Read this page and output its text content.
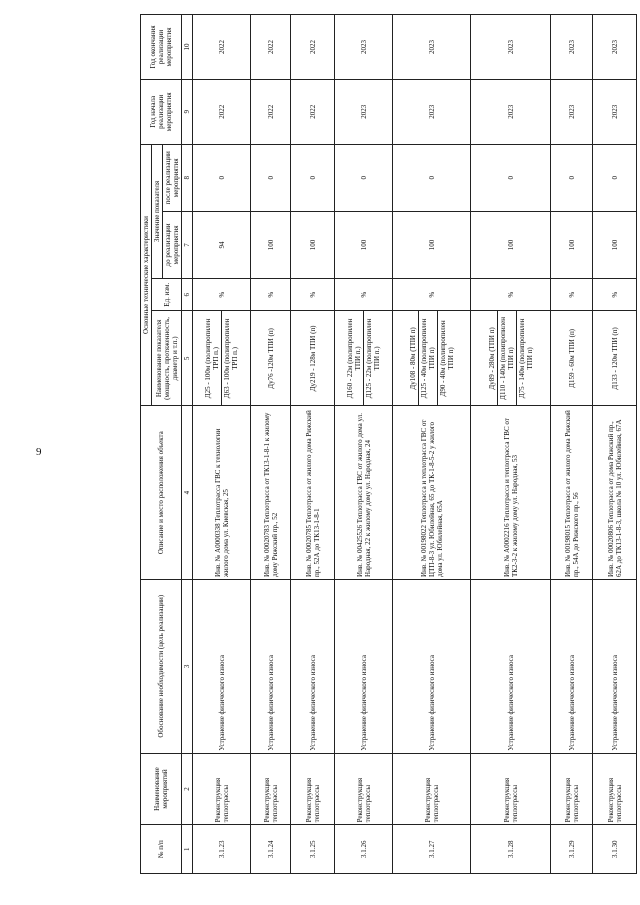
9
№ п/п	Наименование мероприятий	Обоснование необходимости (цель реализации)	Описание и место расположения объекта	Основные технические характеристики				Год начала реализации мероприятия	Год окончания реализации мероприятия
				Наименование показателя (мощность, протяженность, диаметр и т.п.)	Ед. изм.	Значение показателя			
						до реализации мероприятия	после реализации мероприятия		
1	2	3	4	5	6	7	8	9	10
3.1.23	Реконструкция теплотрассы	Устранение физического износа	Инв. № А0000338 Теплотрасса ГВС к технологии жилого дома ул. Киевская, 25	Д25 - 100м (полипропилен ТРП п.) Д63 - 100м (полипропилен ТРП п.)	%	94	0	2022	2022
3.1.24	Реконструкция теплотрассы	Устранение физического износа	Инв. № 00020783 Теплотрасса от ТК13-1-8-1 к жилому дому Рижский пр., 52	Ду76 -120м ТПИ (п)	%	100	0	2022	2022
3.1.25	Реконструкция теплотрассы	Устранение физического износа	Инв. № 00020785 Теплотрасса от жилого дома Рижский пр., 52А до ТК13-1-8-1	Ду219 - 128м ТПИ (п)	%	100	0	2022	2022
3.1.26	Реконструкция теплотрассы	Устранение физического износа	Инв. № 00425526 Теплотрасса ГВС от жилого дома ул. Народная, 22 к жилому дому ул. Народная, 24	Д160 - 22м (полипропилен ТПИ п.) Д125 - 22м (полипропилен ТПИ п.)	%	100	0	2023	2023
3.1.27	Реконструкция теплотрассы	Устранение физического износа	Инв. № 00198022 Теплотрасса и теплотрасса ГВС от ЦТП-8-3 ул. Юбилейная, 65 до ТК-1-8-5-2 у жилого дома ул. Юбилейная, 65А	Ду108 - 80м (ТПИ п) Д125 - 40м (полипропилен ТПИ п) Д90 - 40м (полипропилен ТПИ п)	%	100	0	2023	2023
3.1.28	Реконструкция теплотрассы	Устранение физического износа	Инв. № А0002216 Теплотрасса и теплотрасса ГВС от ТК2-3-2 к жилому дому ул. Народная, 53	Ду89 - 280м (ТПИ п) Д110 - 140м (полипропилен ТПИ п) Д75 - 140м (полипропилен ТПИ п)	%	100	0	2023	2023
3.1.29	Реконструкция теплотрассы	Устранение физического износа	Инв. № 00198015 Теплотрасса от жилого дома Рижский пр., 54А до Рижского пр., 56	Д159 - 60м ТПИ (п)	%	100	0	2023	2023
3.1.30	Реконструкция теплотрассы	Устранение физического износа	Инв. № 00020806 Теплотрасса от дома Рижский пр., 62А до ТК13-1-8-3, школа № 10 ул. Юбилейная, 67А	Д133 - 120м ТПИ (п)	%	100	0	2023	2023
